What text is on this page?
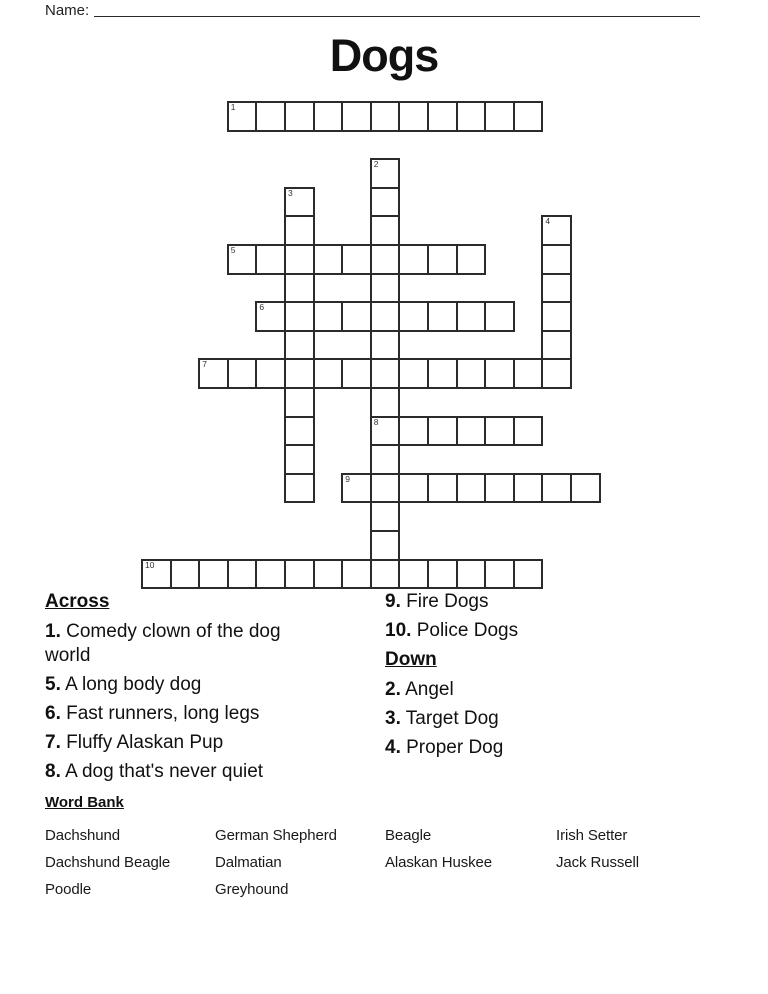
Name:
Dogs
1
2
8
3
4
5
6
7
9
10

Across

1. Comedy clown of the dog world

5. A long body dog

6. Fast runners, long legs

7. Fluffy Alaskan Pup

8. A dog that's never quiet

9. Fire Dogs

10. Police Dogs

Down

2. Angel

3. Target Dog

4. Proper Dog

Word Bank
Dachshund
Dachshund Beagle
Poodle
German Shepherd
Dalmatian
Greyhound
Beagle
Alaskan Huskee
Irish Setter
Jack Russell
